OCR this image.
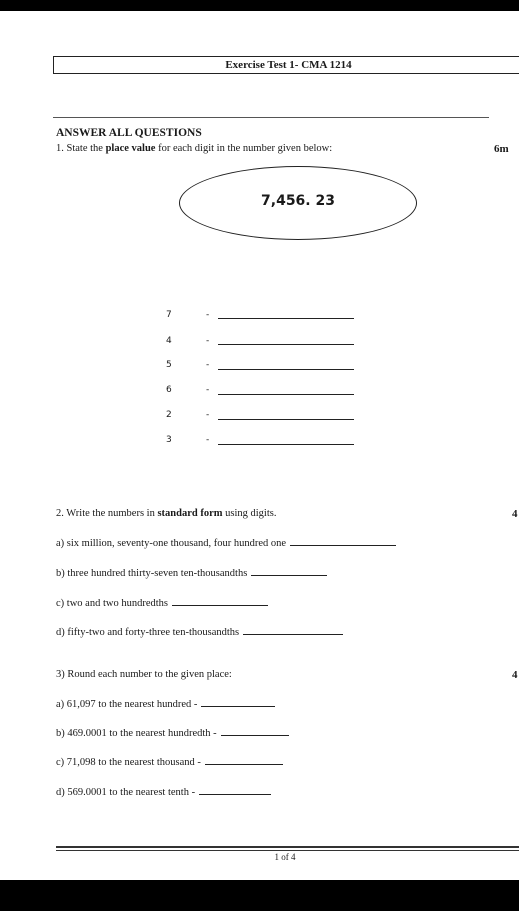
Exercise Test 1- CMA 1214
ANSWER ALL QUESTIONS
1. State the place value for each digit in the number given below:	6m
7,456. 23
7	-
4	-
5	-
6	-
2	-
3	-
2. Write the numbers in standard form using digits.	4
a) six million, seventy-one thousand, four hundred one
b) three hundred thirty-seven ten-thousandths
c) two and two hundredths
d) fifty-two and forty-three ten-thousandths
3) Round each number to the given place:	4
a) 61,097 to the nearest hundred -
b) 469.0001 to the nearest hundredth -
c) 71,098 to the nearest thousand -
d) 569.0001 to the nearest tenth -
1 of 4
